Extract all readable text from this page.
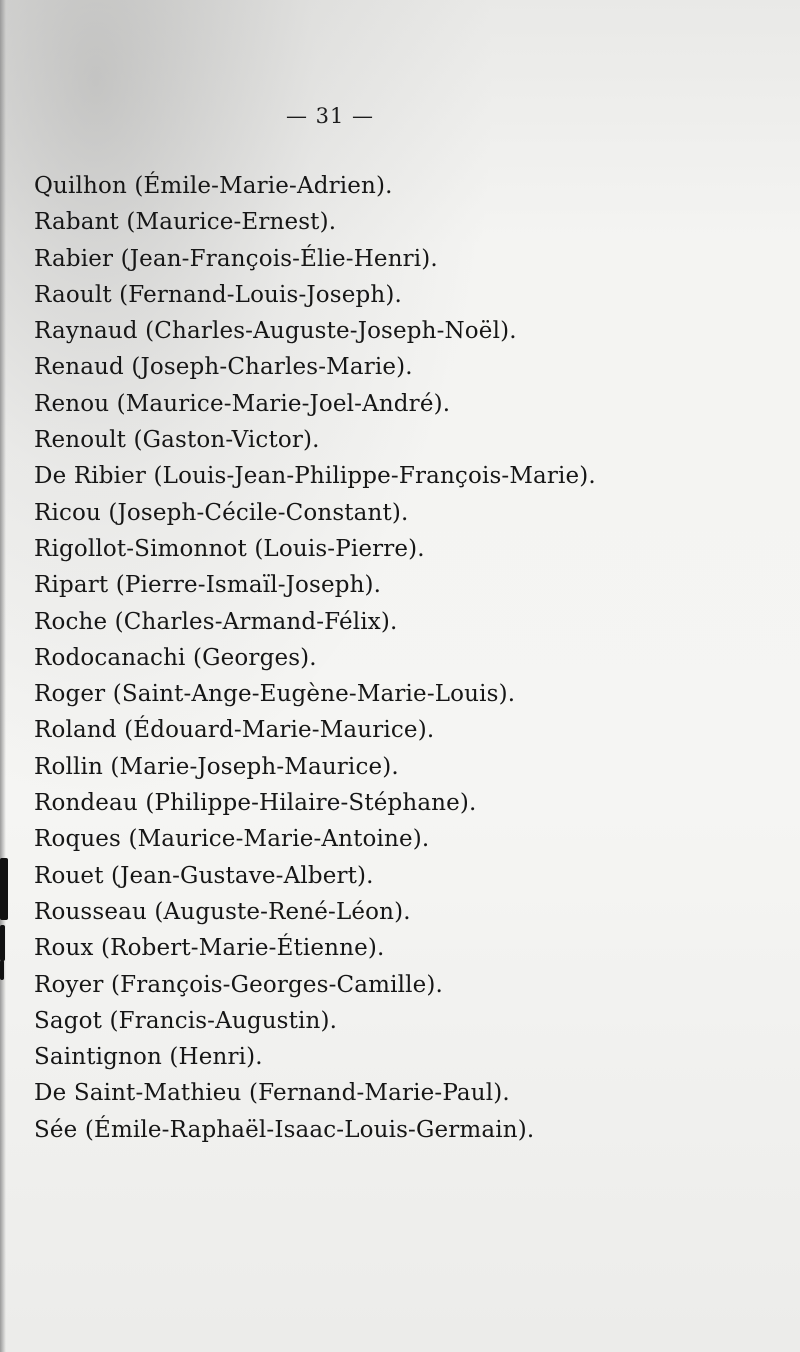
— 31 —
Quilhon (Émile-Marie-Adrien).
Rabant (Maurice-Ernest).
Rabier (Jean-François-Élie-Henri).
Raoult (Fernand-Louis-Joseph).
Raynaud (Charles-Auguste-Joseph-Noël).
Renaud (Joseph-Charles-Marie).
Renou (Maurice-Marie-Joel-André).
Renoult (Gaston-Victor).
De Ribier (Louis-Jean-Philippe-François-Marie).
Ricou (Joseph-Cécile-Constant).
Rigollot-Simonnot (Louis-Pierre).
Ripart (Pierre-Ismaïl-Joseph).
Roche (Charles-Armand-Félix).
Rodocanachi (Georges).
Roger (Saint-Ange-Eugène-Marie-Louis).
Roland (Édouard-Marie-Maurice).
Rollin (Marie-Joseph-Maurice).
Rondeau (Philippe-Hilaire-Stéphane).
Roques (Maurice-Marie-Antoine).
Rouet (Jean-Gustave-Albert).
Rousseau (Auguste-René-Léon).
Roux (Robert-Marie-Étienne).
Royer (François-Georges-Camille).
Sagot (Francis-Augustin).
Saintignon (Henri).
De Saint-Mathieu (Fernand-Marie-Paul).
Sée (Émile-Raphaël-Isaac-Louis-Germain).
